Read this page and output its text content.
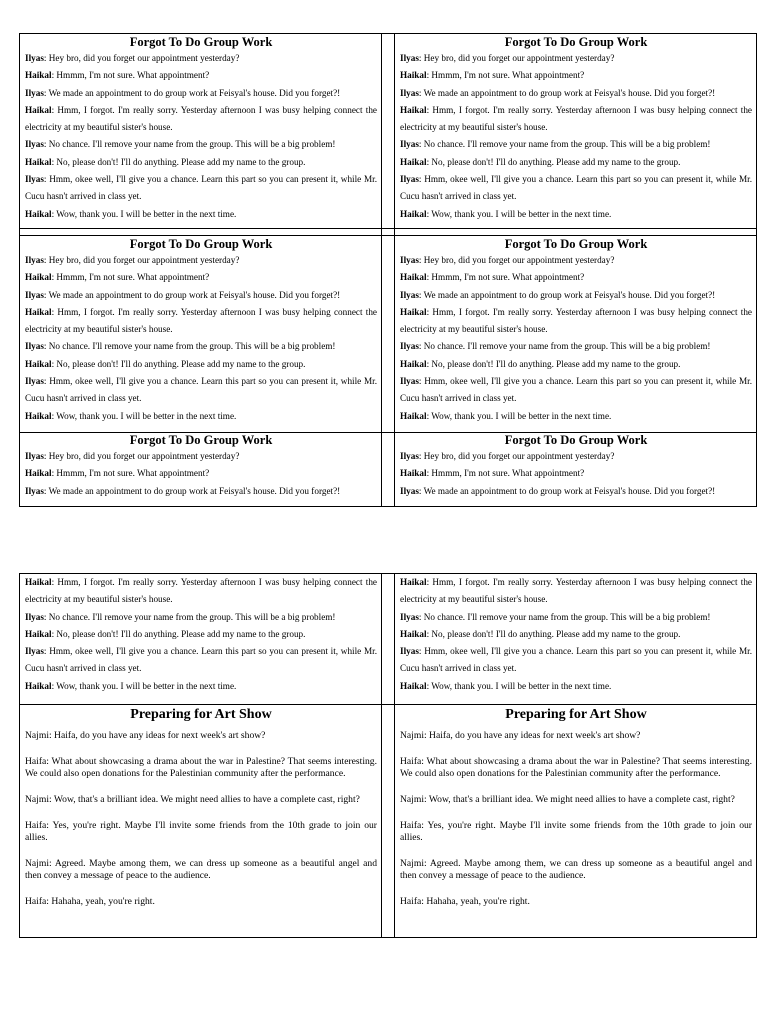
Forgot To Do Group Work
Ilyas: Hey bro, did you forget our appointment yesterday?
Haikal: Hmmm, I'm not sure. What appointment?
Ilyas: We made an appointment to do group work at Feisyal's house. Did you forget?!
Haikal: Hmm, I forgot. I'm really sorry. Yesterday afternoon I was busy helping connect the electricity at my beautiful sister's house.
Ilyas: No chance. I'll remove your name from the group. This will be a big problem!
Haikal: No, please don't! I'll do anything. Please add my name to the group.
Ilyas: Hmm, okee well, I'll give you a chance. Learn this part so you can present it, while Mr. Cucu hasn't arrived in class yet.
Haikal: Wow, thank you. I will be better in the next time.
Forgot To Do Group Work
Ilyas: Hey bro, did you forget our appointment yesterday?
Haikal: Hmmm, I'm not sure. What appointment?
Ilyas: We made an appointment to do group work at Feisyal's house. Did you forget?!
Haikal: Hmm, I forgot. I'm really sorry. Yesterday afternoon I was busy helping connect the electricity at my beautiful sister's house.
Ilyas: No chance. I'll remove your name from the group. This will be a big problem!
Haikal: No, please don't! I'll do anything. Please add my name to the group.
Ilyas: Hmm, okee well, I'll give you a chance. Learn this part so you can present it, while Mr. Cucu hasn't arrived in class yet.
Haikal: Wow, thank you. I will be better in the next time.
Forgot To Do Group Work
Ilyas: Hey bro, did you forget our appointment yesterday?
Haikal: Hmmm, I'm not sure. What appointment?
Ilyas: We made an appointment to do group work at Feisyal's house. Did you forget?!
Haikal: Hmm, I forgot. I'm really sorry. Yesterday afternoon I was busy helping connect the electricity at my beautiful sister's house.
Ilyas: No chance. I'll remove your name from the group. This will be a big problem!
Haikal: No, please don't! I'll do anything. Please add my name to the group.
Ilyas: Hmm, okee well, I'll give you a chance. Learn this part so you can present it, while Mr. Cucu hasn't arrived in class yet.
Haikal: Wow, thank you. I will be better in the next time.
Forgot To Do Group Work
Ilyas: Hey bro, did you forget our appointment yesterday?
Haikal: Hmmm, I'm not sure. What appointment?
Ilyas: We made an appointment to do group work at Feisyal's house. Did you forget?!
Haikal: Hmm, I forgot. I'm really sorry. Yesterday afternoon I was busy helping connect the electricity at my beautiful sister's house.
Ilyas: No chance. I'll remove your name from the group. This will be a big problem!
Haikal: No, please don't! I'll do anything. Please add my name to the group.
Ilyas: Hmm, okee well, I'll give you a chance. Learn this part so you can present it, while Mr. Cucu hasn't arrived in class yet.
Haikal: Wow, thank you. I will be better in the next time.
Forgot To Do Group Work
Ilyas: Hey bro, did you forget our appointment yesterday?
Haikal: Hmmm, I'm not sure. What appointment?
Ilyas: We made an appointment to do group work at Feisyal's house. Did you forget?!
Forgot To Do Group Work
Ilyas: Hey bro, did you forget our appointment yesterday?
Haikal: Hmmm, I'm not sure. What appointment?
Ilyas: We made an appointment to do group work at Feisyal's house. Did you forget?!
Haikal: Hmm, I forgot. I'm really sorry. Yesterday afternoon I was busy helping connect the electricity at my beautiful sister's house.
Ilyas: No chance. I'll remove your name from the group. This will be a big problem!
Haikal: No, please don't! I'll do anything. Please add my name to the group.
Ilyas: Hmm, okee well, I'll give you a chance. Learn this part so you can present it, while Mr. Cucu hasn't arrived in class yet.
Haikal: Wow, thank you. I will be better in the next time.
Haikal: Hmm, I forgot. I'm really sorry. Yesterday afternoon I was busy helping connect the electricity at my beautiful sister's house.
Ilyas: No chance. I'll remove your name from the group. This will be a big problem!
Haikal: No, please don't! I'll do anything. Please add my name to the group.
Ilyas: Hmm, okee well, I'll give you a chance. Learn this part so you can present it, while Mr. Cucu hasn't arrived in class yet.
Haikal: Wow, thank you. I will be better in the next time.
Preparing for Art Show
Najmi: Haifa, do you have any ideas for next week's art show?
Haifa: What about showcasing a drama about the war in Palestine? That seems interesting. We could also open donations for the Palestinian community after the performance.
Najmi: Wow, that's a brilliant idea. We might need allies to have a complete cast, right?
Haifa: Yes, you're right. Maybe I'll invite some friends from the 10th grade to join our allies.
Najmi: Agreed. Maybe among them, we can dress up someone as a beautiful angel and then convey a message of peace to the audience.
Haifa: Hahaha, yeah, you're right.
Preparing for Art Show
Najmi: Haifa, do you have any ideas for next week's art show?
Haifa: What about showcasing a drama about the war in Palestine? That seems interesting. We could also open donations for the Palestinian community after the performance.
Najmi: Wow, that's a brilliant idea. We might need allies to have a complete cast, right?
Haifa: Yes, you're right. Maybe I'll invite some friends from the 10th grade to join our allies.
Najmi: Agreed. Maybe among them, we can dress up someone as a beautiful angel and then convey a message of peace to the audience.
Haifa: Hahaha, yeah, you're right.
